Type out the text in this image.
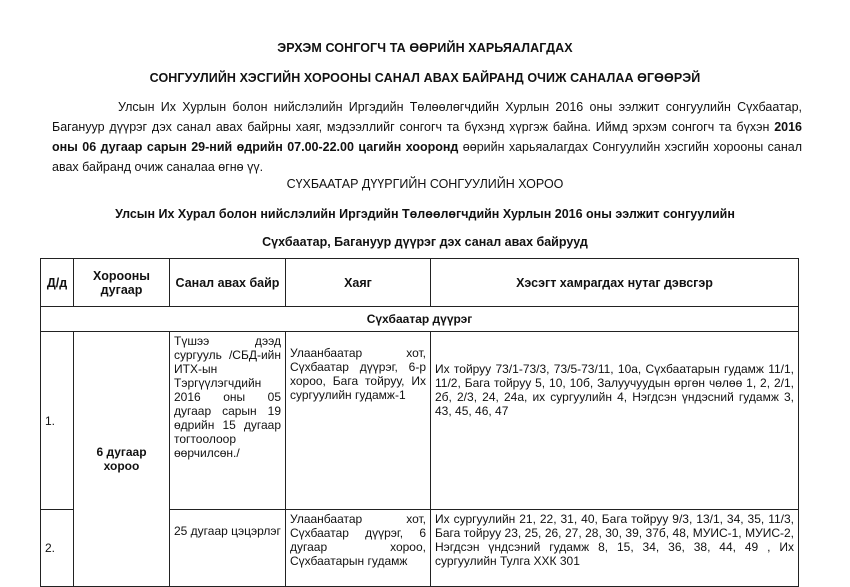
ЭРХЭМ СОНГОГЧ ТА ӨӨРИЙН ХАРЬЯАЛАГДАХ
СОНГУУЛИЙН ХЭСГИЙН ХОРООНЫ САНАЛ АВАХ БАЙРАНД ОЧИЖ САНАЛАА ӨГӨӨРЭЙ
Улсын Их Хурлын болон нийслэлийн Иргэдийн Төлөөлөгчдийн Хурлын 2016 оны ээлжит сонгуулийн Сүхбаатар, Багануур дүүрэг дэх санал авах байрны хаяг, мэдээллийг сонгогч та бүхэнд хүргэж байна. Иймд эрхэм сонгогч та бүхэн 2016 оны 06 дугаар сарын 29-ний өдрийн 07.00-22.00 цагийн хооронд өөрийн харьяалагдах Сонгуулийн хэсгийн хорооны санал авах байранд очиж саналаа өгнө үү.
СҮХБААТАР ДҮҮРГИЙН СОНГУУЛИЙН ХОРОО
Улсын Их Хурал болон нийслэлийн Иргэдийн Төлөөлөгчдийн Хурлын 2016 оны ээлжит сонгуулийн
Сүхбаатар, Багануур дүүрэг дэх санал авах байрууд
Д/д	Хорооны дугаар	Санал авах байр	Хаяг	Хэсэгт хамрагдах нутаг дэвсгэр
Сүхбаатар дүүрэг				
1.	6 дугаар хороо	Түшээ дээд сургууль /СБД-ийн ИТХ-ын Тэргүүлэгчдийн 2016 оны 05 дугаар сарын 19 өдрийн 15 дугаар тогтоолоор өөрчилсөн./	Улаанбаатар хот, Сүхбаатар дүүрэг, 6-р хороо, Бага тойруу, Их сургуулийн гудамж-1	Их тойруу 73/1-73/3, 73/5-73/11, 10а, Сүхбаатарын гудамж 11/1, 11/2, Бага тойруу 5, 10, 10б, Залуучуудын өргөн чөлөө 1, 2, 2/1, 2б, 2/3, 24, 24а, их сургуулийн 4, Нэгдсэн үндэсний гудамж 3, 43, 45, 46, 47
2.		25 дугаар цэцэрлэг	Улаанбаатар хот, Сүхбаатар дүүрэг, 6 дугаар хороо, Сүхбаатарын гудамж	Их сургуулийн 21, 22, 31, 40, Бага тойруу 9/3, 13/1, 34, 35, 11/3, Бага тойруу 23, 25, 26, 27, 28, 30, 39, 37б, 48, МУИС-1, МУИС-2, Нэгдсэн үндсэний гудамж 8, 15, 34, 36, 38, 44, 49 , Их сургуулийн Тулга ХХК 301
